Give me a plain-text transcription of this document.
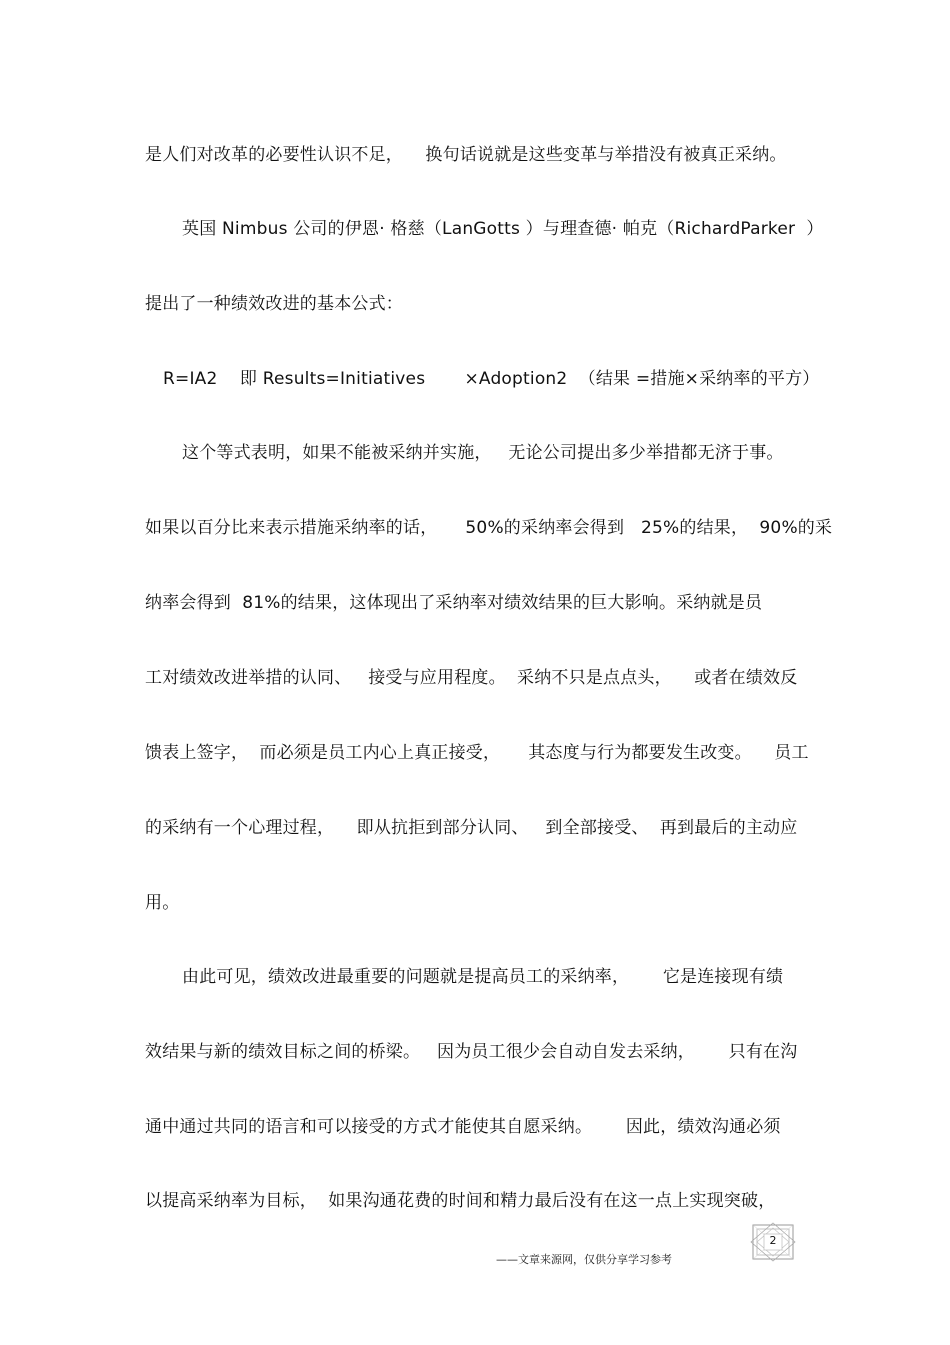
是人们对改革的必要性认识不足，    换句话说就是这些变革与举措没有被真正采纳。
英国 Nimbus 公司的伊恩· 格慈（LanGotts ）与理查德· 帕克（RichardParker  ）
提出了一种绩效改进的基本公式：
R=IA2    即 Results=Initiatives       ×Adoption2  （结果 =措施×采纳率的平方）
这个等式表明，如果不能被采纳并实施，   无论公司提出多少举措都无济于事。
如果以百分比来表示措施采纳率的话，     50%的采纳率会得到   25%的结果，  90%的采
纳率会得到  81%的结果，这体现出了采纳率对绩效结果的巨大影响。采纳就是员
工对绩效改进举措的认同、   接受与应用程度。  采纳不只是点点头，    或者在绩效反
馈表上签字，  而必须是员工内心上真正接受，     其态度与行为都要发生改变。    员工
的采纳有一个心理过程，    即从抗拒到部分认同、   到全部接受、  再到最后的主动应
用。
由此可见，绩效改进最重要的问题就是提高员工的采纳率，      它是连接现有绩
效结果与新的绩效目标之间的桥梁。   因为员工很少会自动自发去采纳，      只有在沟
通中通过共同的语言和可以接受的方式才能使其自愿采纳。      因此，绩效沟通必须
以提高采纳率为目标，  如果沟通花费的时间和精力最后没有在这一点上实现突破，
——文章来源网，仅供分享学习参考
2
